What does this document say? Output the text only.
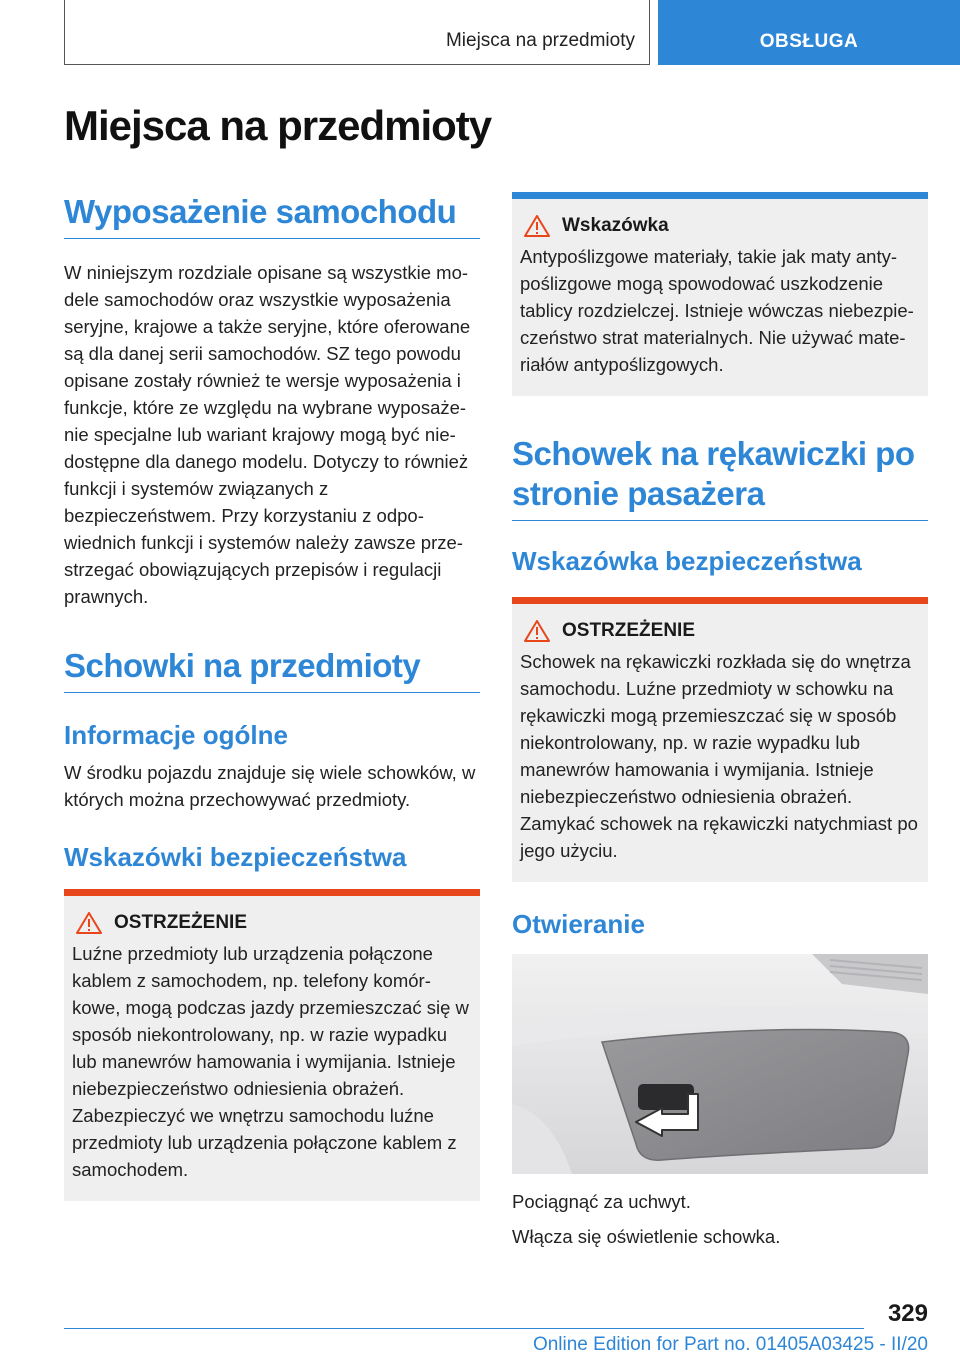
Miejsca na przedmioty	OBSŁUGA
Miejsca na przedmioty
Wyposażenie samochodu

W niniejszym rozdziale opisane są wszystkie modele samochodów oraz wszystkie wyposażenia seryjne, krajowe a także seryjne, które oferowane są dla danej serii samochodów. SZ tego powodu opisane zostały również te wersje wyposażenia i funkcje, które ze względu na wybrane wyposażenie specjalne lub wariant krajowy mogą być niedostępne dla danego modelu. Dotyczy to również funkcji i systemów związanych z bezpieczeństwem. Przy korzystaniu z odpowiednich funkcji i systemów należy zawsze przestrzegać obowiązujących przepisów i regulacji prawnych.

Schowki na przedmioty
Informacje ogólne

W środku pojazdu znajduje się wiele schowków, w których można przechowywać przedmioty.

Wskazówki bezpieczeństwa
OSTRZEŻENIE

Luźne przedmioty lub urządzenia połączone kablem z samochodem, np. telefony komórkowe, mogą podczas jazdy przemieszczać się w sposób niekontrolowany, np. w razie wypadku lub manewrów hamowania i wymijania. Istnieje niebezpieczeństwo odniesienia obrażeń. Zabezpieczyć we wnętrzu samochodu luźne przedmioty lub urządzenia połączone kablem z samochodem.

Wskazówka

Antypoślizgowe materiały, takie jak maty antypoślizgowe mogą spowodować uszkodzenie tablicy rozdzielczej. Istnieje wówczas niebezpieczeństwo strat materialnych. Nie używać materiałów antypoślizgowych.

Schowek na rękawiczki po stronie pasażera
Wskazówka bezpieczeństwa
OSTRZEŻENIE

Schowek na rękawiczki rozkłada się do wnętrza samochodu. Luźne przedmioty w schowku na rękawiczki mogą przemieszczać się w sposób niekontrolowany, np. w razie wypadku lub manewrów hamowania i wymijania. Istnieje niebezpieczeństwo odniesienia obrażeń. Zamykać schowek na rękawiczki natychmiast po jego użyciu.

Otwieranie

Pociągnąć za uchwyt.

Włącza się oświetlenie schowka.

329
Online Edition for Part no. 01405A03425 - II/20
